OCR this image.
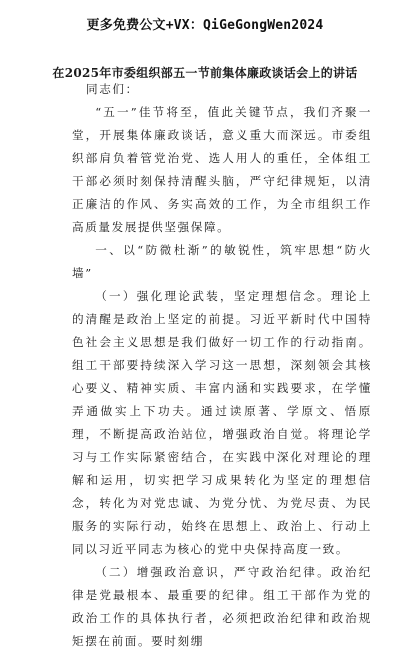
更多免费公文+VX：QiGeGongWen2024
在2025年市委组织部五一节前集体廉政谈话会上的讲话
同志们：

“五一”佳节将至，值此关键节点，我们齐聚一堂，开展集体廉政谈话，意义重大而深远。市委组织部肩负着管党治党、选人用人的重任，全体组工干部必须时刻保持清醒头脑，严守纪律规矩，以清正廉洁的作风、务实高效的工作，为全市组织工作高质量发展提供坚强保障。

一、以“防微杜渐”的敏锐性，筑牢思想“防火墙”

（一）强化理论武装，坚定理想信念。理论上的清醒是政治上坚定的前提。习近平新时代中国特色社会主义思想是我们做好一切工作的行动指南。组工干部要持续深入学习这一思想，深刻领会其核心要义、精神实质、丰富内涵和实践要求，在学懂弄通做实上下功夫。通过读原著、学原文、悟原理，不断提高政治站位，增强政治自觉。将理论学习与工作实际紧密结合，在实践中深化对理论的理解和运用，切实把学习成果转化为坚定的理想信念，转化为对党忠诚、为党分忧、为党尽责、为民服务的实际行动，始终在思想上、政治上、行动上同以习近平同志为核心的党中央保持高度一致。

（二）增强政治意识，严守政治纪律。政治纪律是党最根本、最重要的纪律。组工干部作为党的政治工作的具体执行者，必须把政治纪律和政治规矩摆在前面。要时刻绷
